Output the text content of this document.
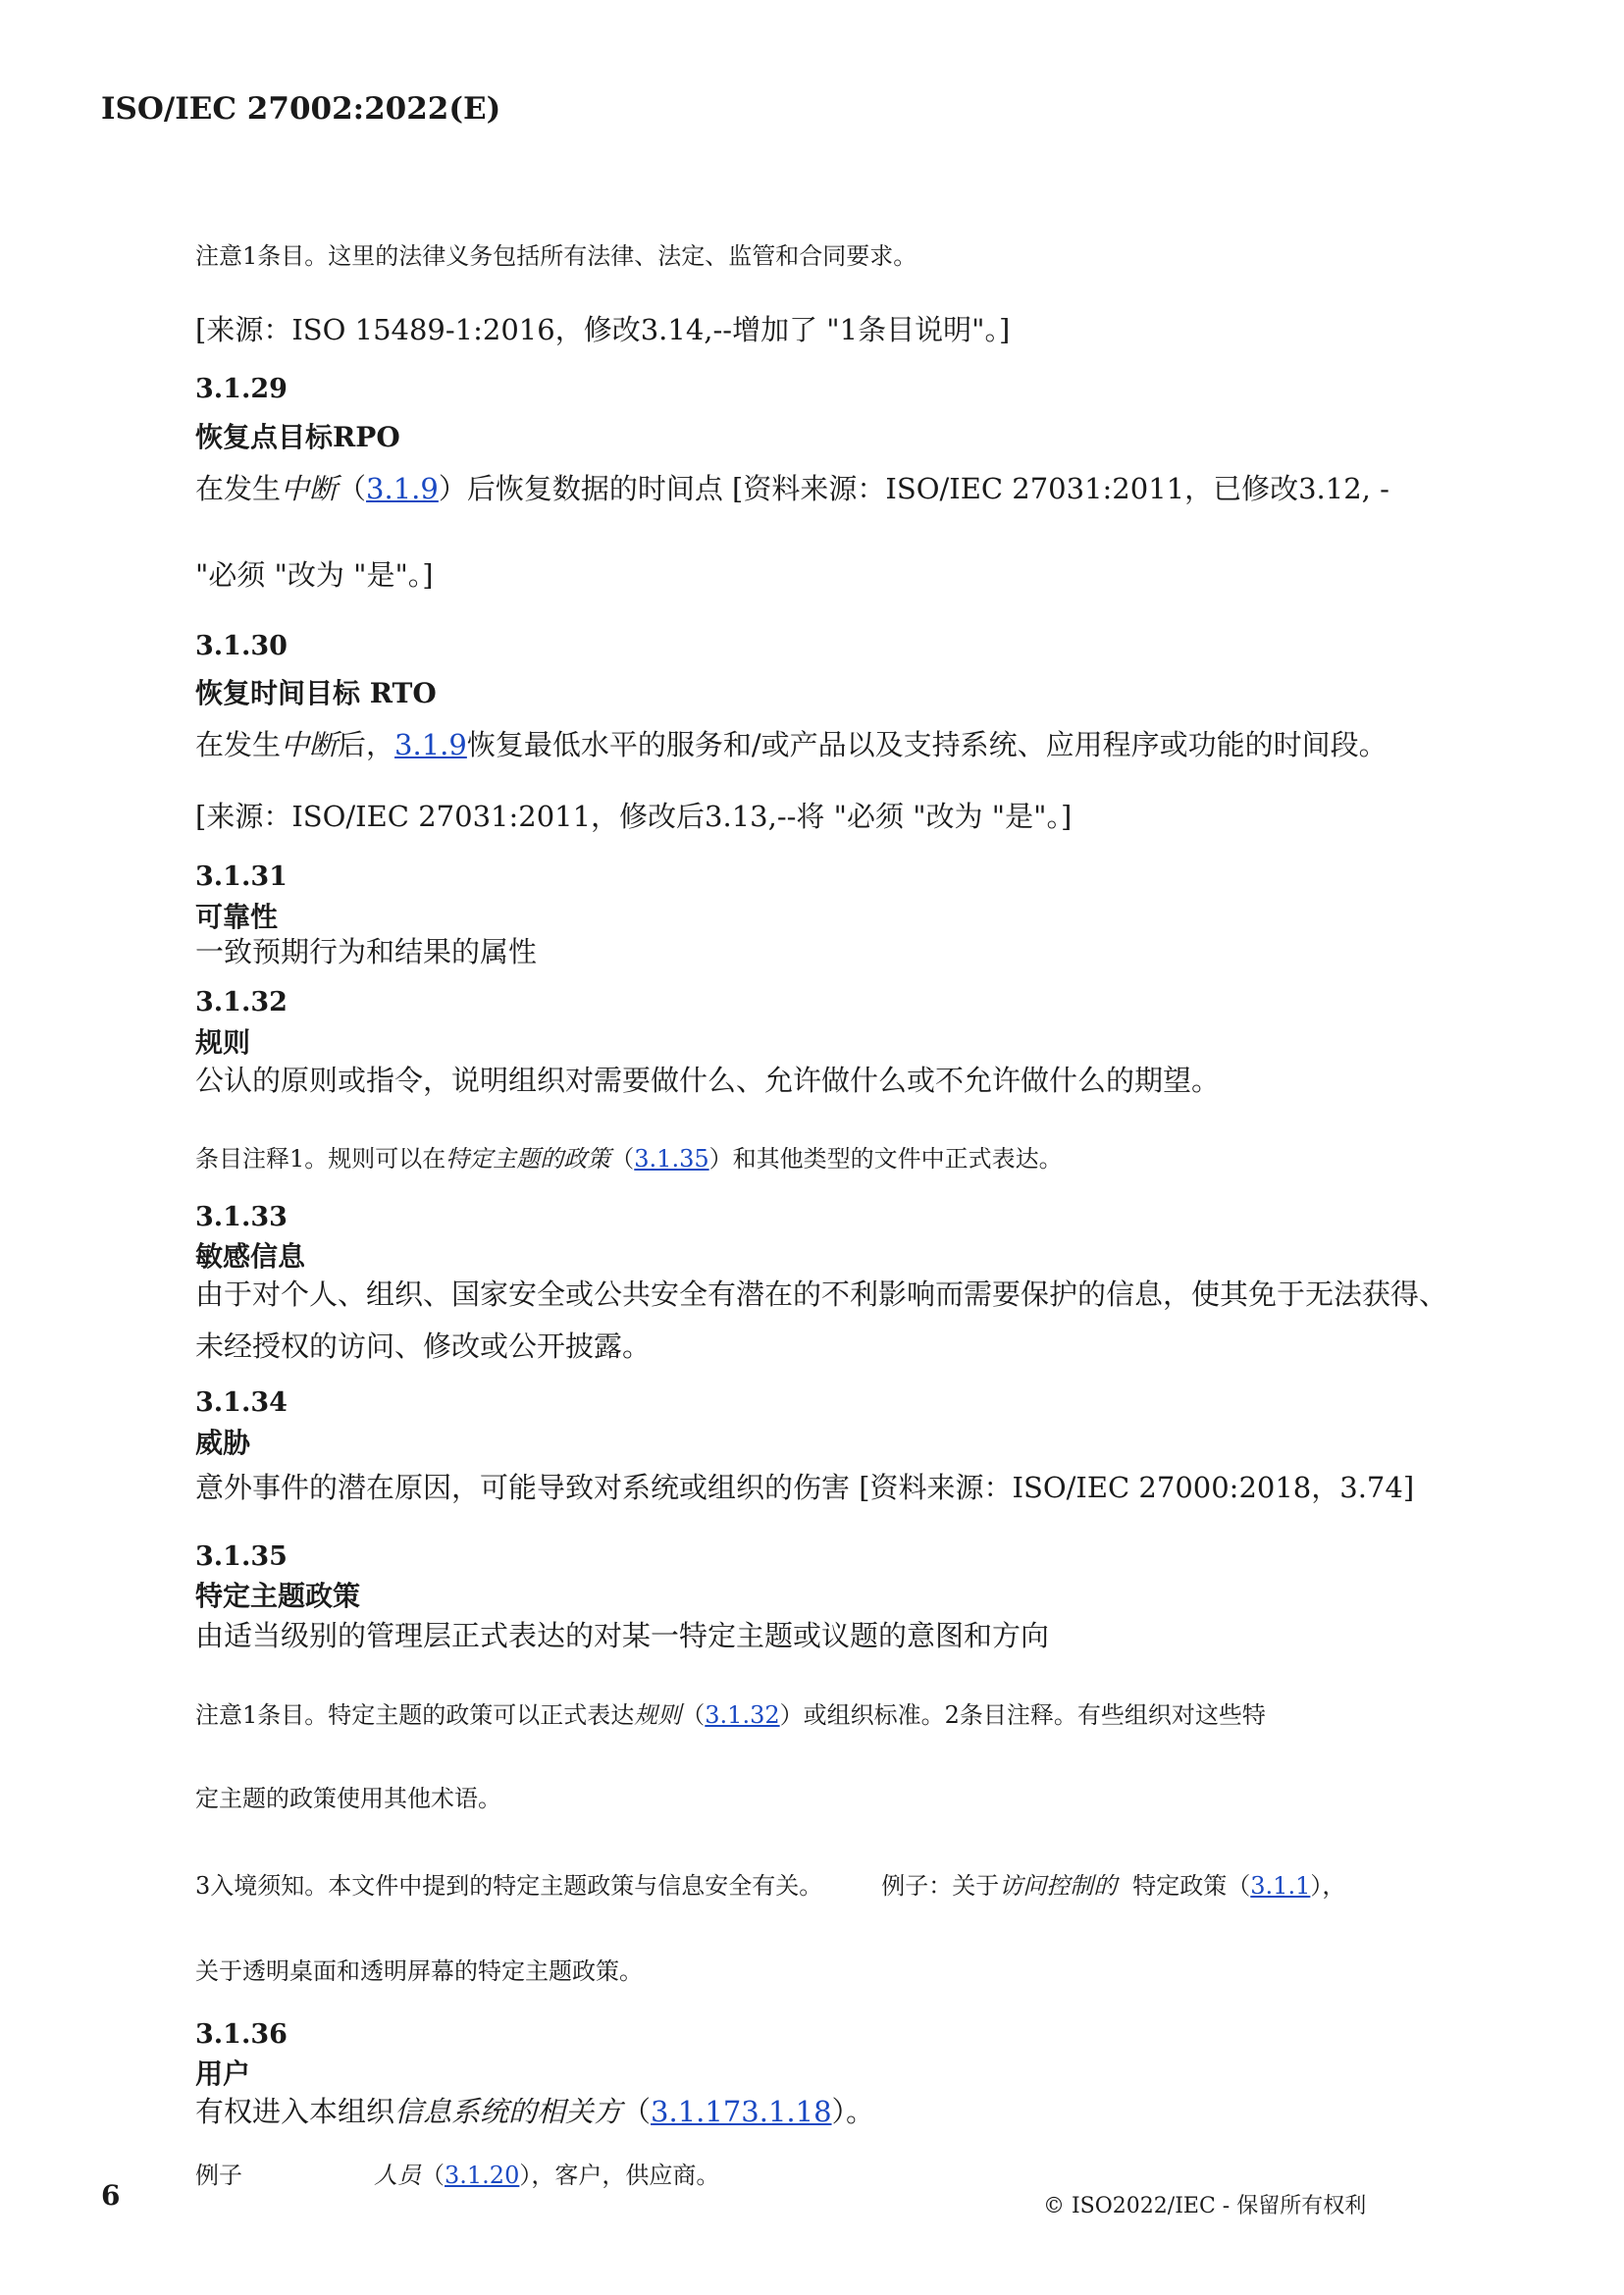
ISO/IEC 27002:2022(E)
注意1条目。这里的法律义务包括所有法律、法定、监管和合同要求。
[来源：ISO 15489-1:2016，修改3.14,--增加了 "1条目说明"。]
3.1.29
恢复点目标RPO
在发生中断（3.1.9）后恢复数据的时间点 [资料来源：ISO/IEC 27031:2011，已修改3.12, -
"必须 "改为 "是"。]
3.1.30
恢复时间目标 RTO
在发生中断后，3.1.9恢复最低水平的服务和/或产品以及支持系统、应用程序或功能的时间段。
[来源：ISO/IEC 27031:2011，修改后3.13,--将 "必须 "改为 "是"。]
3.1.31
可靠性
一致预期行为和结果的属性
3.1.32
规则
公认的原则或指令，说明组织对需要做什么、允许做什么或不允许做什么的期望。
条目注释1。规则可以在特定主题的政策（3.1.35）和其他类型的文件中正式表达。
3.1.33
敏感信息
由于对个人、组织、国家安全或公共安全有潜在的不利影响而需要保护的信息，使其免于无法获得、
未经授权的访问、修改或公开披露。
3.1.34
威胁
意外事件的潜在原因，可能导致对系统或组织的伤害 [资料来源：ISO/IEC 27000:2018，3.74]
3.1.35
特定主题政策
由适当级别的管理层正式表达的对某一特定主题或议题的意图和方向
注意1条目。特定主题的政策可以正式表达规则（3.1.32）或组织标准。2条目注释。有些组织对这些特
定主题的政策使用其他术语。
3入境须知。本文件中提到的特定主题政策与信息安全有关。	例子：关于访问控制的 特定政策（3.1.1），
关于透明桌面和透明屏幕的特定主题政策。
3.1.36
用户
有权进入本组织信息系统的相关方（3.1.173.1.18）。
例子	人员（3.1.20），客户，供应商。
6	© ISO2022/IEC - 保留所有权利
